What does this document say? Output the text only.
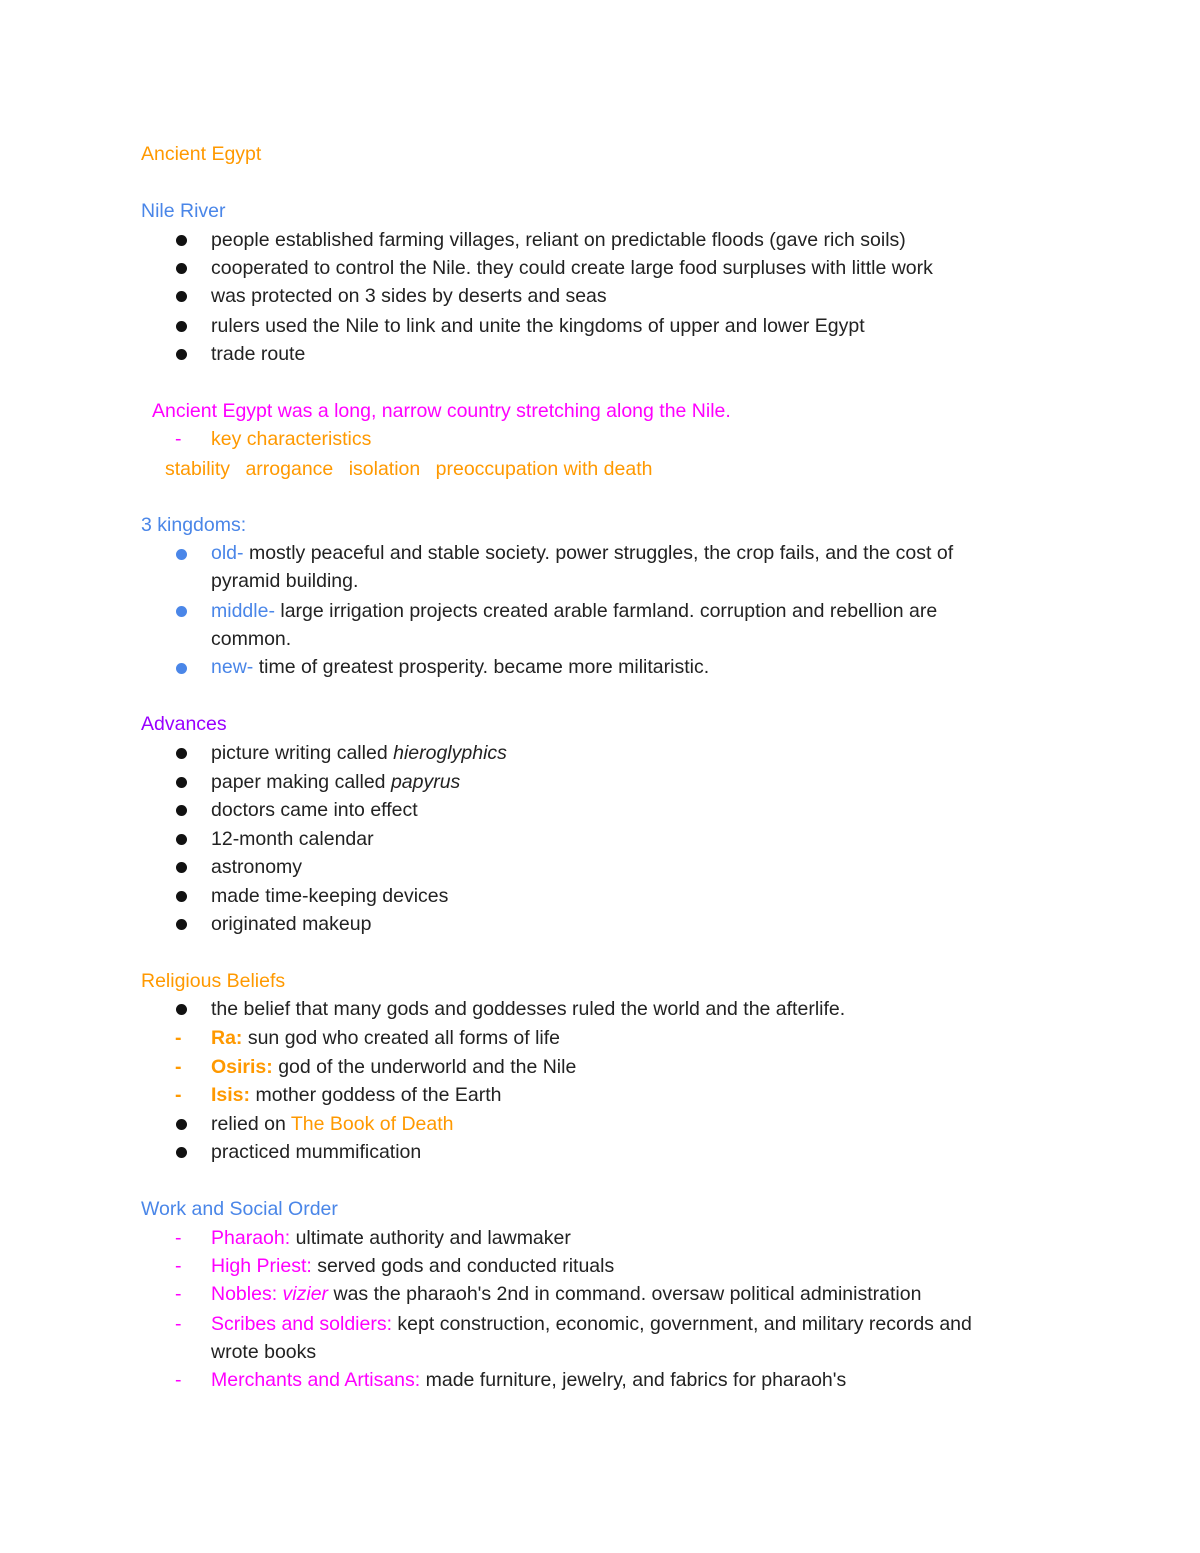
Ancient Egypt
Nile River
people established farming villages, reliant on predictable floods (gave rich soils)
cooperated to control the Nile. they could create large food surpluses with little work
was protected on 3 sides by deserts and seas
rulers used the Nile to link and unite the kingdoms of upper and lower Egypt
trade route
Ancient Egypt was a long, narrow country stretching along the Nile.
- key characteristics
stability arrogance isolation preoccupation with death
3 kingdoms:
old- mostly peaceful and stable society. power struggles, the crop fails, and the cost of
pyramid building.
middle- large irrigation projects created arable farmland. corruption and rebellion are
common.
new- time of greatest prosperity. became more militaristic.
Advances
picture writing called hieroglyphics
paper making called papyrus
doctors came into effect
12-month calendar
astronomy
made time-keeping devices
originated makeup
Religious Beliefs
the belief that many gods and goddesses ruled the world and the afterlife.
- Ra: sun god who created all forms of life
- Osiris: god of the underworld and the Nile
- Isis: mother goddess of the Earth
relied on The Book of Death
practiced mummification
Work and Social Order
- Pharaoh: ultimate authority and lawmaker
- High Priest: served gods and conducted rituals
- Nobles: vizier was the pharaoh's 2nd in command. oversaw political administration
- Scribes and soldiers: kept construction, economic, government, and military records and
wrote books
- Merchants and Artisans: made furniture, jewelry, and fabrics for pharaoh's
